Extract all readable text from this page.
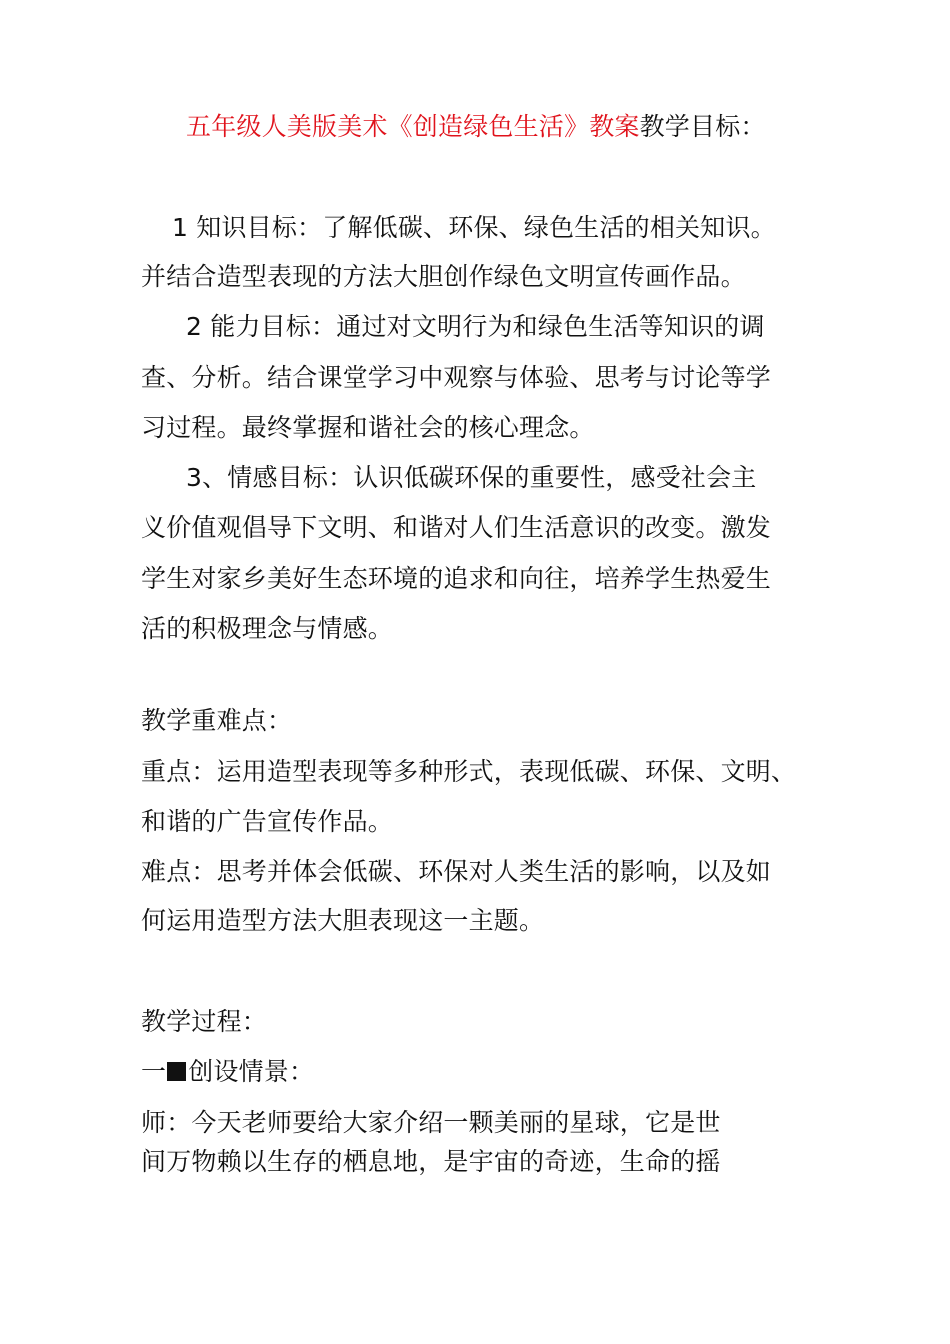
五年级人美版美术《创造绿色生活》教案教学目标：
1 知识目标：了解低碳、环保、绿色生活的相关知识。
并结合造型表现的方法大胆创作绿色文明宣传画作品。
2 能力目标：通过对文明行为和绿色生活等知识的调
查、分析。结合课堂学习中观察与体验、思考与讨论等学
习过程。最终掌握和谐社会的核心理念。
3、情感目标：认识低碳环保的重要性，感受社会主
义价值观倡导下文明、和谐对人们生活意识的改变。激发
学生对家乡美好生态环境的追求和向往，培养学生热爱生
活的积极理念与情感。
教学重难点：
重点：运用造型表现等多种形式，表现低碳、环保、文明、
和谐的广告宣传作品。
难点：思考并体会低碳、环保对人类生活的影响，以及如
何运用造型方法大胆表现这一主题。
教学过程：
一 创设情景：
师：今天老师要给大家介绍一颗美丽的星球，它是世
间万物赖以生存的栖息地，是宇宙的奇迹，生命的摇
